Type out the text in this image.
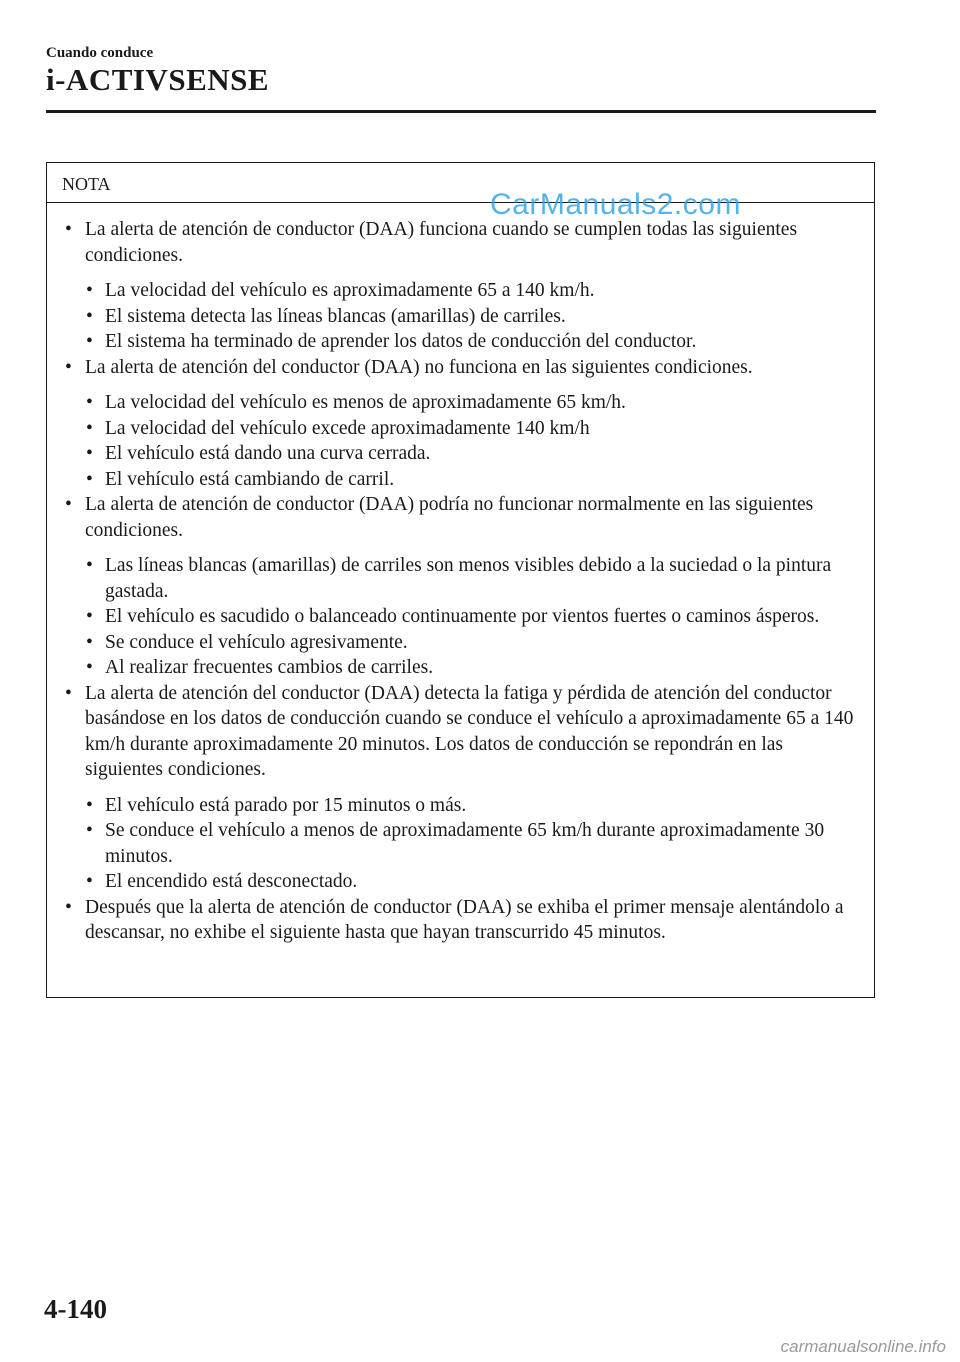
Cuando conduce
i-ACTIVSENSE
NOTA
• La alerta de atención de conductor (DAA) funciona cuando se cumplen todas las siguientes condiciones.
• La velocidad del vehículo es aproximadamente 65 a 140 km/h.
• El sistema detecta las líneas blancas (amarillas) de carriles.
• El sistema ha terminado de aprender los datos de conducción del conductor.
• La alerta de atención del conductor (DAA) no funciona en las siguientes condiciones.
• La velocidad del vehículo es menos de aproximadamente 65 km/h.
• La velocidad del vehículo excede aproximadamente 140 km/h
• El vehículo está dando una curva cerrada.
• El vehículo está cambiando de carril.
• La alerta de atención de conductor (DAA) podría no funcionar normalmente en las siguientes condiciones.
• Las líneas blancas (amarillas) de carriles son menos visibles debido a la suciedad o la pintura gastada.
• El vehículo es sacudido o balanceado continuamente por vientos fuertes o caminos ásperos.
• Se conduce el vehículo agresivamente.
• Al realizar frecuentes cambios de carriles.
• La alerta de atención del conductor (DAA) detecta la fatiga y pérdida de atención del conductor basándose en los datos de conducción cuando se conduce el vehículo a aproximadamente 65 a 140 km/h durante aproximadamente 20 minutos. Los datos de conducción se repondrán en las siguientes condiciones.
• El vehículo está parado por 15 minutos o más.
• Se conduce el vehículo a menos de aproximadamente 65 km/h durante aproximadamente 30 minutos.
• El encendido está desconectado.
• Después que la alerta de atención de conductor (DAA) se exhiba el primer mensaje alentándolo a descansar, no exhibe el siguiente hasta que hayan transcurrido 45 minutos.
CarManuals2.com
4-140
carmanualsonline.info
